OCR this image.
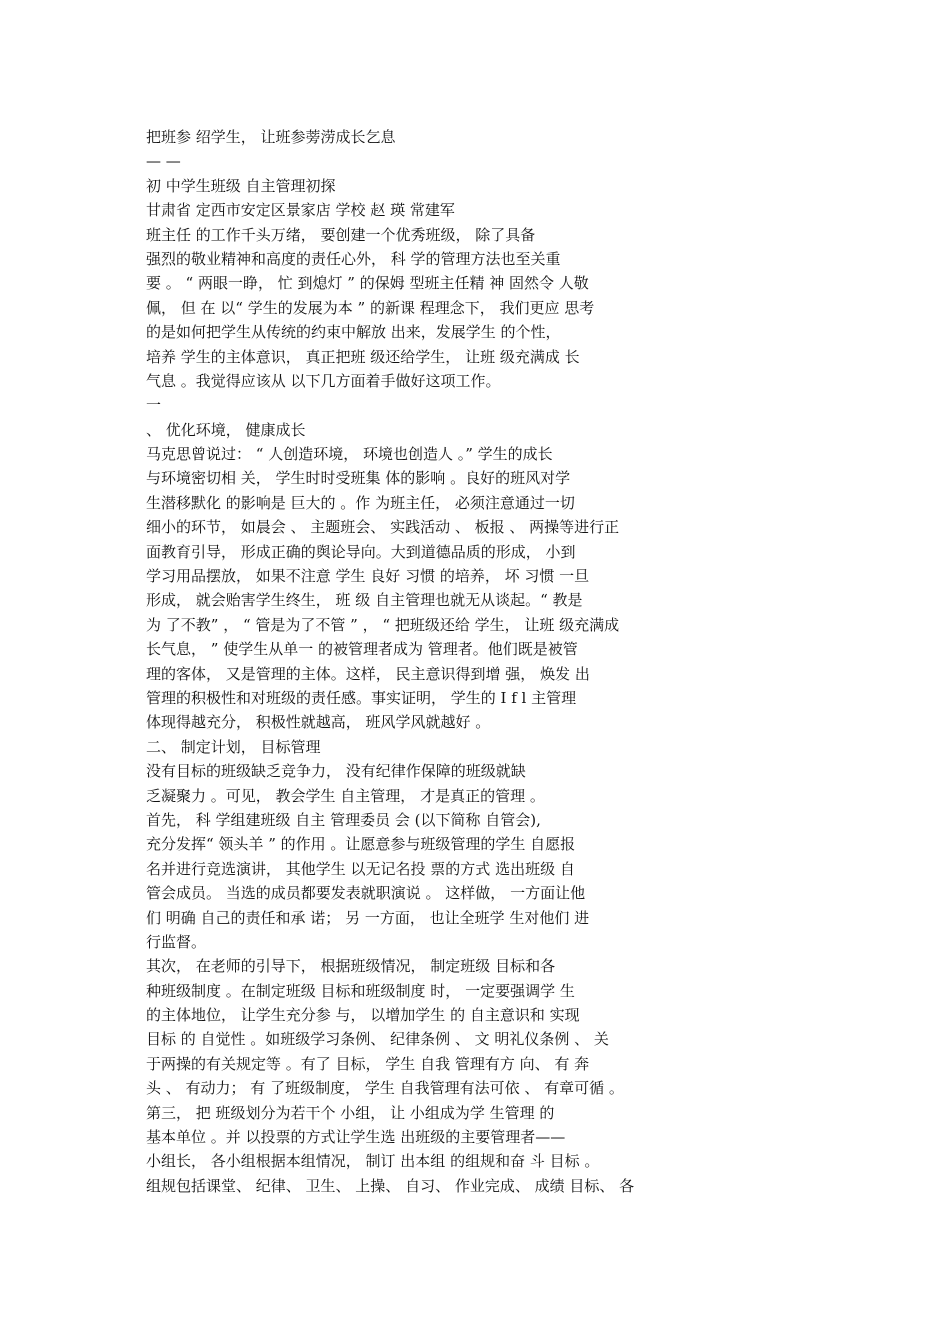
把班参 绍学生， 让班参蒡涝成长乞息
— —
初 中学生班级 自主管理初探
甘肃省 定西市安定区景家店 学校 赵 瑛 常建军
班主任 的工作千头万绪， 要创建一个优秀班级， 除了具备
强烈的敬业精神和高度的责任心外， 科 学的管理方法也至关重
要 。 “ 两眼一睁， 忙 到熄灯 ” 的保姆 型班主任精 神 固然令 人敬
佩， 但 在 以“ 学生的发展为本 ” 的新课 程理念下， 我们更应 思考
的是如何把学生从传统的约束中解放 出来，发展学生 的个性，
培养 学生的主体意识， 真正把班 级还给学生， 让班 级充满成 长
气息 。我觉得应该从 以下几方面着手做好这项工作。
一
、 优化环境， 健康成长
马克思曾说过： “ 人创造环境， 环境也创造人 。” 学生的成长
与环境密切相 关， 学生时时受班集 体的影响 。良好的班风对学
生潜移默化 的影响是 巨大的 。作 为班主任， 必须注意通过一切
细小的环节， 如晨会 、 主题班会、 实践活动 、 板报 、 两操等进行正
面教育引导， 形成正确的舆论导向。大到道德品质的形成， 小到
学习用品摆放， 如果不注意 学生 良好 习惯 的培养， 坏 习惯 一旦
形成， 就会贻害学生终生， 班 级 自主管理也就无从谈起。“ 教是
为 了不教” ， “ 管是为了不管 ” ， “ 把班级还给 学生， 让班 级充满成
长气息， ” 使学生从单一 的被管理者成为 管理者。他们既是被管
理的客体， 又是管理的主体。这样， 民主意识得到增 强， 焕发 出
管理的积极性和对班级的责任感。事实证明， 学生的 I f l 主管理
体现得越充分， 积极性就越高， 班风学风就越好 。
二、 制定计划， 目标管理
没有目标的班级缺乏竞争力， 没有纪律作保障的班级就缺
乏凝聚力 。可见， 教会学生 自主管理， 才是真正的管理 。
首先， 科 学组建班级 自主 管理委员 会 (以下简称 自管会),
充分发挥“ 领头羊 ” 的作用 。让愿意参与班级管理的学生 自愿报
名并进行竞选演讲， 其他学生 以无记名投 票的方式 选出班级 自
管会成员。 当选的成员都要发表就职演说 。 这样做， 一方面让他
们 明确 自己的责任和承 诺； 另 一方面， 也让全班学 生对他们 进
行监督。
其次， 在老师的引导下， 根据班级情况， 制定班级 目标和各
种班级制度 。在制定班级 目标和班级制度 时， 一定要强调学 生
的主体地位， 让学生充分参 与， 以增加学生 的 自主意识和 实现
目标 的 自觉性 。如班级学习条例、 纪律条例 、 文 明礼仪条例 、 关
于两操的有关规定等 。有了 目标， 学生 自我 管理有方 向、 有 奔
头 、 有动力； 有 了班级制度， 学生 自我管理有法可依 、 有章可循 。
第三， 把 班级划分为若干个 小组， 让 小组成为学 生管理 的
基本单位 。并 以投票的方式让学生选 出班级的主要管理者——
小组长， 各小组根据本组情况， 制订 出本组 的组规和奋 斗 目标 。
组规包括课堂、 纪律、 卫生、 上操、 自习、 作业完成、 成绩 目标、 各
